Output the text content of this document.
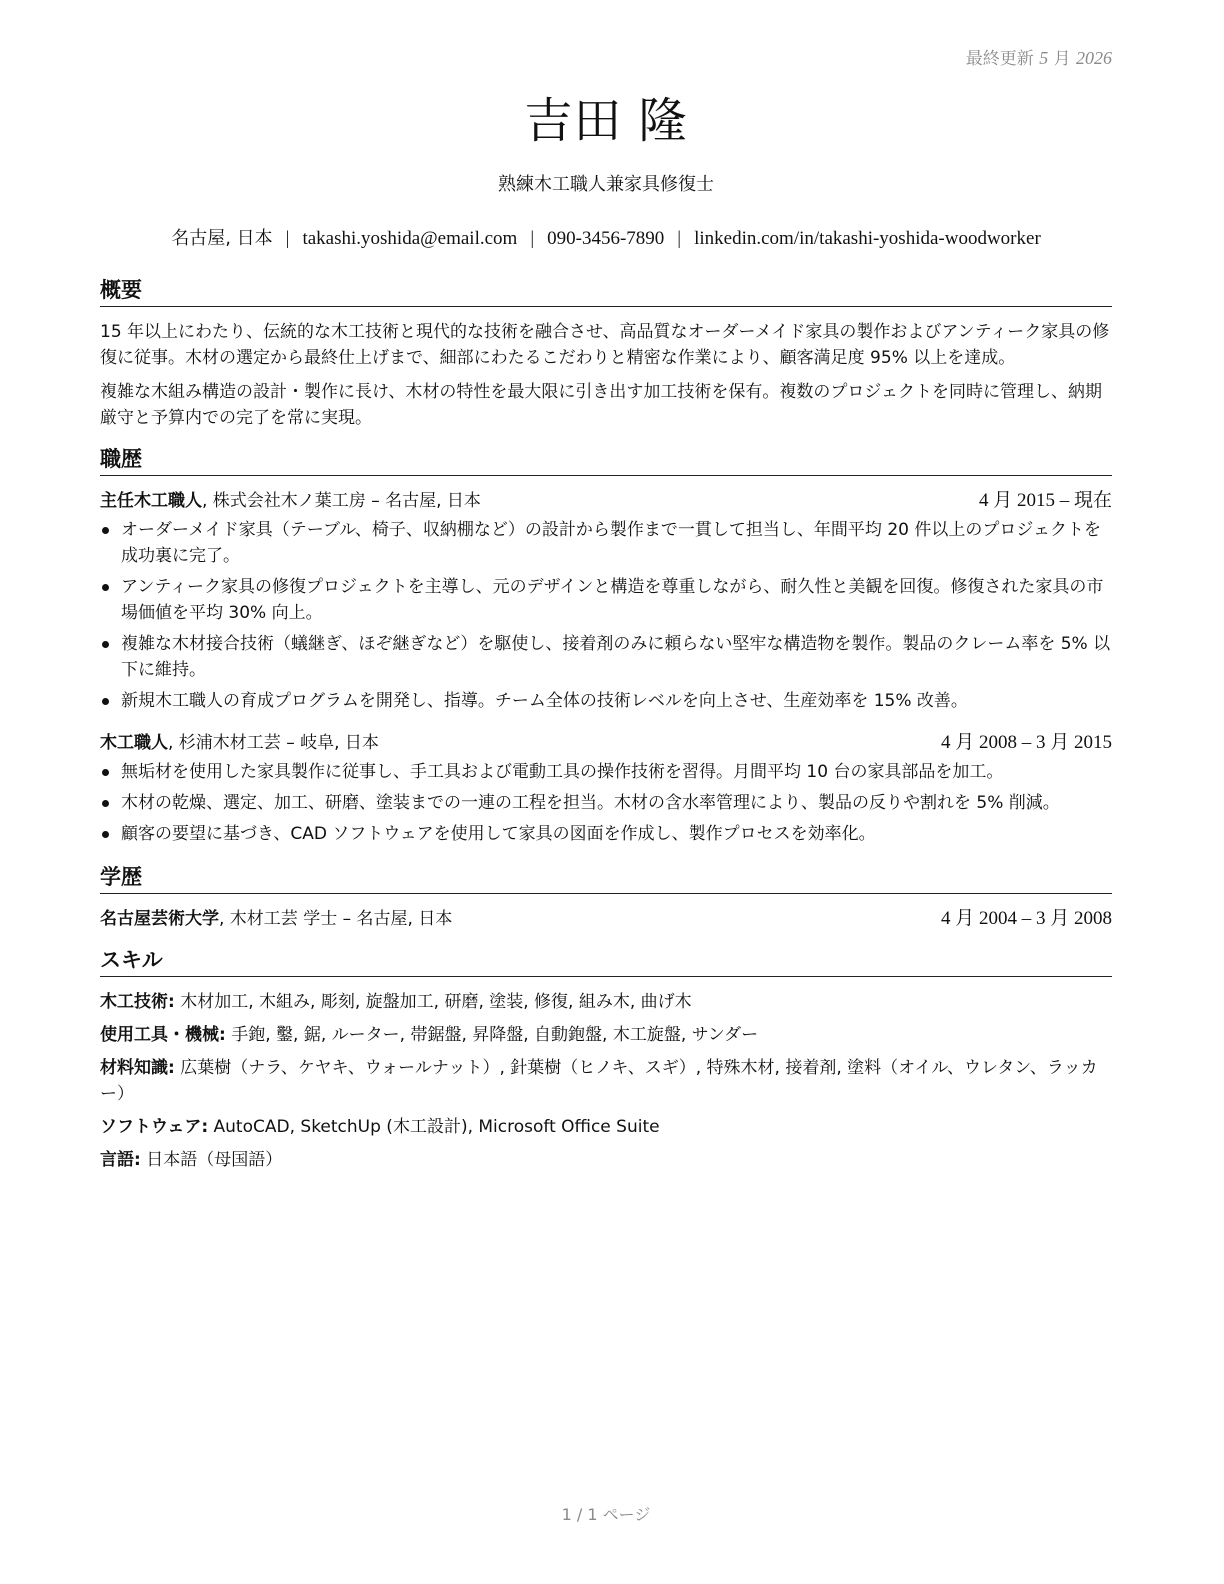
最終更新 5 月 2026
吉田 隆
熟練木工職人兼家具修復士
名古屋, 日本 | takashi.yoshida@email.com | 090-3456-7890 | linkedin.com/in/takashi-yoshida-woodworker
概要

15 年以上にわたり、伝統的な木工技術と現代的な技術を融合させ、高品質なオーダーメイド家具の製作およびアンティーク家具の修復に従事。木材の選定から最終仕上げまで、細部にわたるこだわりと精密な作業により、顧客満足度 95% 以上を達成。

複雑な木組み構造の設計・製作に長け、木材の特性を最大限に引き出す加工技術を保有。複数のプロジェクトを同時に管理し、納期厳守と予算内での完了を常に実現。

職歴
主任木工職人, 株式会社木ノ葉工房 – 名古屋, 日本	4 月 2015 – 現在
オーダーメイド家具（テーブル、椅子、収納棚など）の設計から製作まで一貫して担当し、年間平均 20 件以上のプロジェクトを成功裏に完了。
アンティーク家具の修復プロジェクトを主導し、元のデザインと構造を尊重しながら、耐久性と美観を回復。修復された家具の市場価値を平均 30% 向上。
複雑な木材接合技術（蟻継ぎ、ほぞ継ぎなど）を駆使し、接着剤のみに頼らない堅牢な構造物を製作。製品のクレーム率を 5% 以下に維持。
新規木工職人の育成プログラムを開発し、指導。チーム全体の技術レベルを向上させ、生産効率を 15% 改善。
木工職人, 杉浦木材工芸 – 岐阜, 日本	4 月 2008 – 3 月 2015
無垢材を使用した家具製作に従事し、手工具および電動工具の操作技術を習得。月間平均 10 台の家具部品を加工。
木材の乾燥、選定、加工、研磨、塗装までの一連の工程を担当。木材の含水率管理により、製品の反りや割れを 5% 削減。
顧客の要望に基づき、CAD ソフトウェアを使用して家具の図面を作成し、製作プロセスを効率化。
学歴
名古屋芸術大学, 木材工芸 学士 – 名古屋, 日本	4 月 2004 – 3 月 2008
スキル
木工技術: 木材加工, 木組み, 彫刻, 旋盤加工, 研磨, 塗装, 修復, 組み木, 曲げ木
使用工具・機械: 手鉋, 鑿, 鋸, ルーター, 帯鋸盤, 昇降盤, 自動鉋盤, 木工旋盤, サンダー
材料知識: 広葉樹（ナラ、ケヤキ、ウォールナット）, 針葉樹（ヒノキ、スギ）, 特殊木材, 接着剤, 塗料（オイル、ウレタン、ラッカー）
ソフトウェア: AutoCAD, SketchUp (木工設計), Microsoft Office Suite
言語: 日本語（母国語）
1 / 1 ページ
